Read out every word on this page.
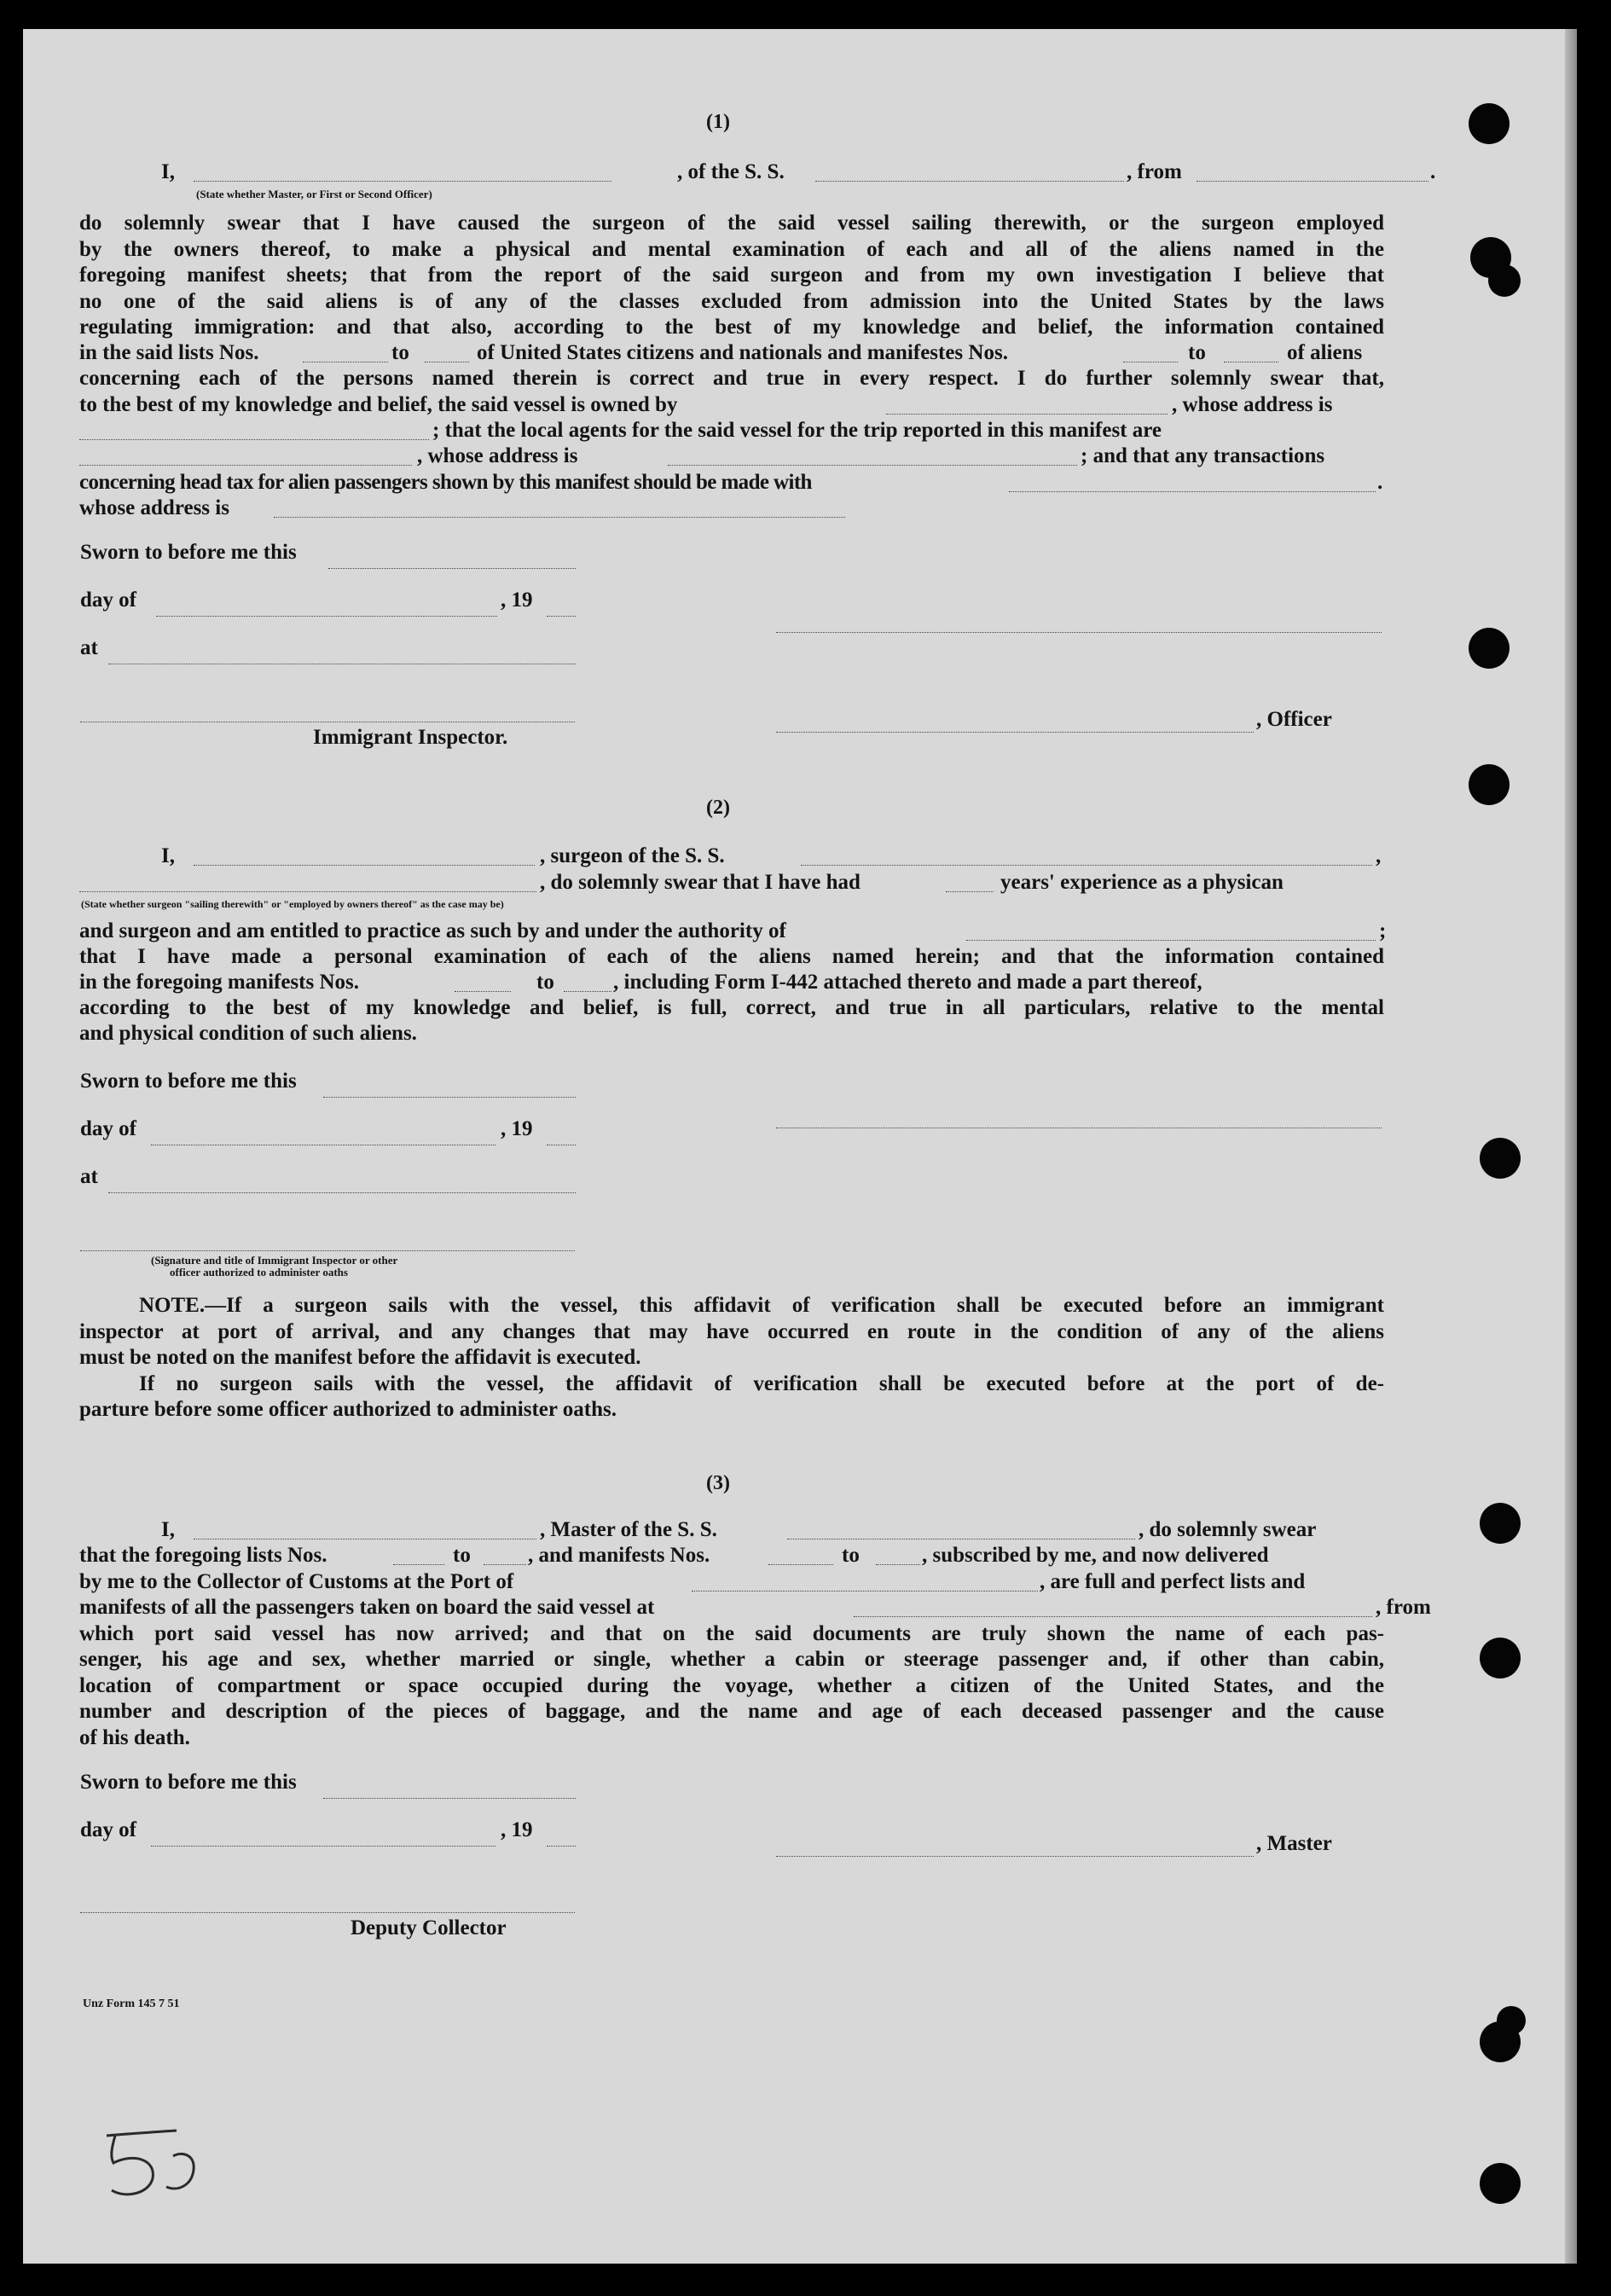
(1)
I,	, of the S. S.	, from	.
(State whether Master, or First or Second Officer)
do solemnly swear that I have caused the surgeon of the said vessel sailing therewith, or the surgeon employed
by the owners thereof, to make a physical and mental examination of each and all of the aliens named in the
foregoing manifest sheets; that from the report of the said surgeon and from my own investigation I believe that
no one of the said aliens is of any of the classes excluded from admission into the United States by the laws
regulating immigration: and that also, according to the best of my knowledge and belief, the information contained
in the said lists Nos.	to	of United States citizens and nationals and manifestes Nos.	to	of aliens
concerning each of the persons named therein is correct and true in every respect. I do further solemnly swear that,
to the best of my knowledge and belief, the said vessel is owned by	, whose address is
; that the local agents for the said vessel for the trip reported in this manifest are
, whose address is	; and that any transactions
concerning head tax for alien passengers shown by this manifest should be made with	.
whose address is
Sworn to before me this
day of	, 19
at
, Officer
Immigrant Inspector.
(2)
I,	, surgeon of the S. S.	,
, do solemnly swear that I have had	years' experience as a physican
(State whether surgeon "sailing therewith" or "employed by owners thereof" as the case may be)
and surgeon and am entitled to practice as such by and under the authority of	;
that I have made a personal examination of each of the aliens named herein; and that the information contained
in the foregoing manifests Nos.	to	, including Form I-442 attached thereto and made a part thereof,
according to the best of my knowledge and belief, is full, correct, and true in all particulars, relative to the mental
and physical condition of such aliens.
Sworn to before me this
day of	, 19
at
(Signature and title of Immigrant Inspector or other
officer authorized to administer oaths
NOTE.—If a surgeon sails with the vessel, this affidavit of verification shall be executed before an immigrant
inspector at port of arrival, and any changes that may have occurred en route in the condition of any of the aliens
must be noted on the manifest before the affidavit is executed.
If no surgeon sails with the vessel, the affidavit of verification shall be executed before at the port of de-
parture before some officer authorized to administer oaths.
(3)
I,	, Master of the S. S.	, do solemnly swear
that the foregoing lists Nos.	to	, and manifests Nos.	to	, subscribed by me, and now delivered
by me to the Collector of Customs at the Port of	, are full and perfect lists and
manifests of all the passengers taken on board the said vessel at	, from
which port said vessel has now arrived; and that on the said documents are truly shown the name of each pas-
senger, his age and sex, whether married or single, whether a cabin or steerage passenger and, if other than cabin,
location of compartment or space occupied during the voyage, whether a citizen of the United States, and the
number and description of the pieces of baggage, and the name and age of each deceased passenger and the cause
of his death.
Sworn to before me this
day of	, 19
, Master
Deputy Collector
Unz Form 145 7 51
